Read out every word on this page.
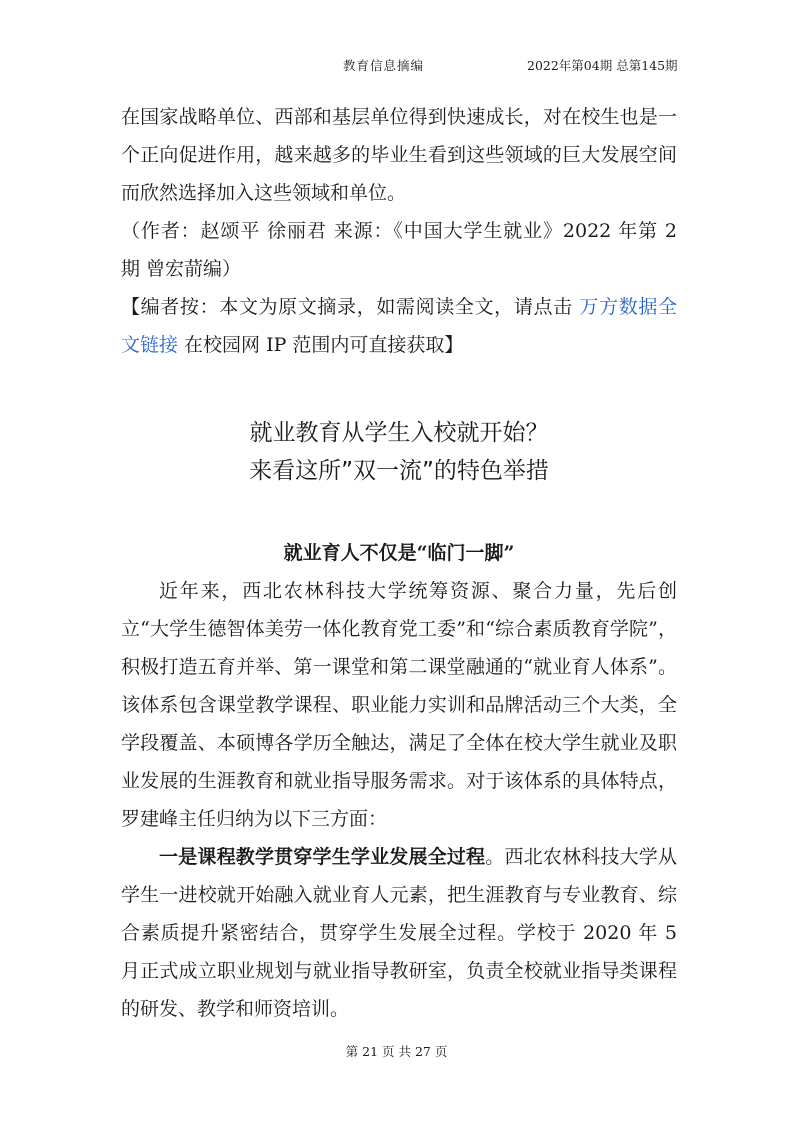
教育信息摘编	2022年第04期 总第145期

在国家战略单位、西部和基层单位得到快速成长，对在校生也是一个正向促进作用，越来越多的毕业生看到这些领域的巨大发展空间而欣然选择加入这些领域和单位。

（作者：赵颂平 徐丽君 来源：《中国大学生就业》2022 年第 2 期 曾宏葥编）

【编者按：本文为原文摘录，如需阅读全文，请点击 万方数据全文链接 在校园网 IP 范围内可直接获取】

就业教育从学生入校就开始？
来看这所”双一流”的特色举措
就业育人不仅是“临门一脚”

近年来，西北农林科技大学统筹资源、聚合力量，先后创立“大学生德智体美劳一体化教育党工委”和“综合素质教育学院”，积极打造五育并举、第一课堂和第二课堂融通的“就业育人体系”。该体系包含课堂教学课程、职业能力实训和品牌活动三个大类，全学段覆盖、本硕博各学历全触达，满足了全体在校大学生就业及职业发展的生涯教育和就业指导服务需求。对于该体系的具体特点，罗建峰主任归纳为以下三方面：

一是课程教学贯穿学生学业发展全过程。西北农林科技大学从学生一进校就开始融入就业育人元素，把生涯教育与专业教育、综合素质提升紧密结合，贯穿学生发展全过程。学校于 2020 年 5 月正式成立职业规划与就业指导教研室，负责全校就业指导类课程的研发、教学和师资培训。

第 21 页 共 27 页
